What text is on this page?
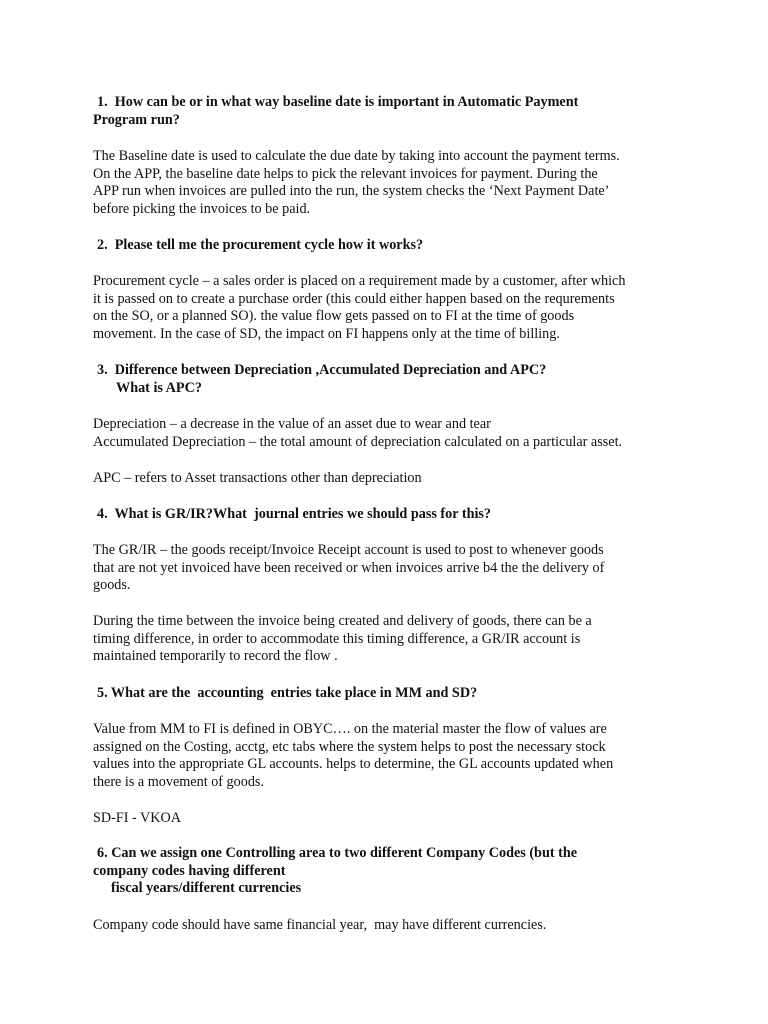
1.  How can be or in what way baseline date is important in Automatic Payment
Program run?
The Baseline date is used to calculate the due date by taking into account the payment terms.
On the APP, the baseline date helps to pick the relevant invoices for payment. During the
APP run when invoices are pulled into the run, the system checks the ‘Next Payment Date’
before picking the invoices to be paid.
2.  Please tell me the procurement cycle how it works?
Procurement cycle – a sales order is placed on a requirement made by a customer, after which
it is passed on to create a purchase order (this could either happen based on the requrements
on the SO, or a planned SO). the value flow gets passed on to FI at the time of goods
movement. In the case of SD, the impact on FI happens only at the time of billing.
3.  Difference between Depreciation ,Accumulated Depreciation and APC?
What is APC?
Depreciation – a decrease in the value of an asset due to wear and tear
Accumulated Depreciation – the total amount of depreciation calculated on a particular asset.
APC – refers to Asset transactions other than depreciation
4.  What is GR/IR?What  journal entries we should pass for this?
The GR/IR – the goods receipt/Invoice Receipt account is used to post to whenever goods
that are not yet invoiced have been received or when invoices arrive b4 the the delivery of
goods.
During the time between the invoice being created and delivery of goods, there can be a
timing difference, in order to accommodate this timing difference, a GR/IR account is
maintained temporarily to record the flow .
5. What are the  accounting  entries take place in MM and SD?
Value from MM to FI is defined in OBYC…. on the material master the flow of values are
assigned on the Costing, acctg, etc tabs where the system helps to post the necessary stock
values into the appropriate GL accounts. helps to determine, the GL accounts updated when
there is a movement of goods.
SD-FI - VKOA
6. Can we assign one Controlling area to two different Company Codes (but the
company codes having different
fiscal years/different currencies
Company code should have same financial year,  may have different currencies.
